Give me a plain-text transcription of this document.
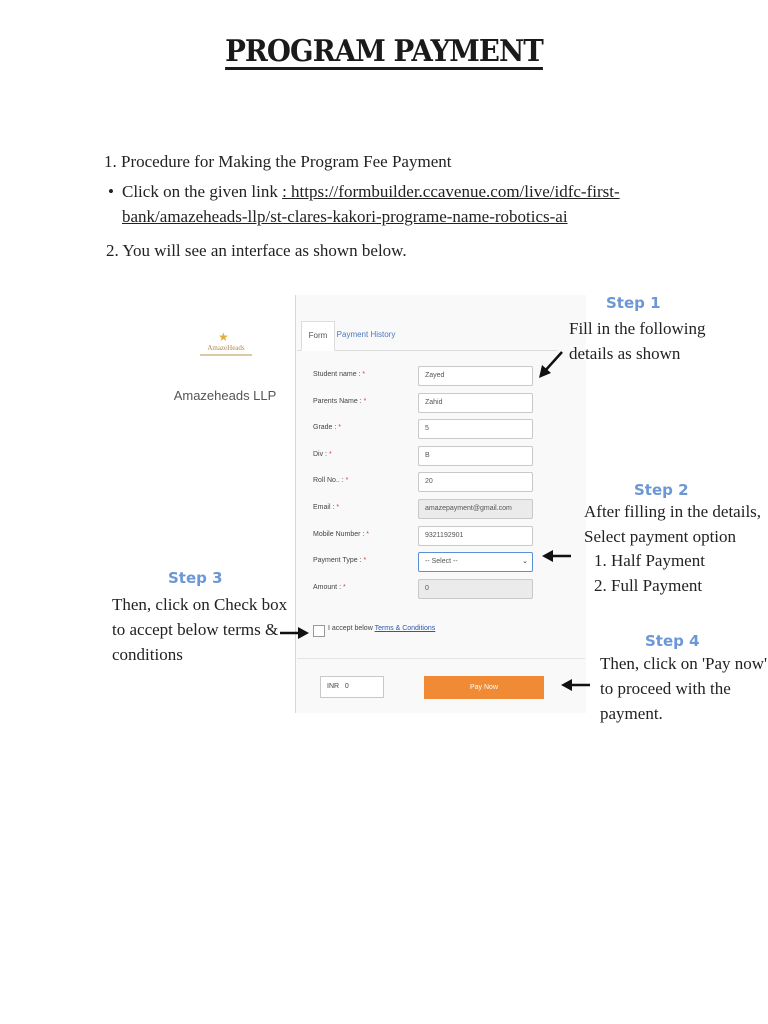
PROGRAM PAYMENT
1. Procedure for Making the Program Fee Payment
• Click on the given link : https://formbuilder.ccavenue.com/live/idfc-first-
bank/amazeheads-llp/st-clares-kakori-programe-name-robotics-ai
2. You will see an interface as shown below.
★
AmazeHeads
Amazeheads LLP
Form	Payment History
Student name : *	Zayed
Parents Name : *	Zahid
Grade : *	5
Div : *	B
Roll No.. : *	20
Email : *	amazepayment@gmail.com
Mobile Number : *	9321192901
Payment Type : *	-- Select --	⌄
Amount : *	0
I accept below Terms & Conditions
INR 0	Pay Now
Step 1
Fill in the following
details as shown
Step 2
After filling in the details,
Select payment option
1. Half Payment
2. Full Payment
Step 3
Then, click on Check box
to accept below terms &
conditions
Step 4
Then, click on 'Pay now'
to proceed with the
payment.
